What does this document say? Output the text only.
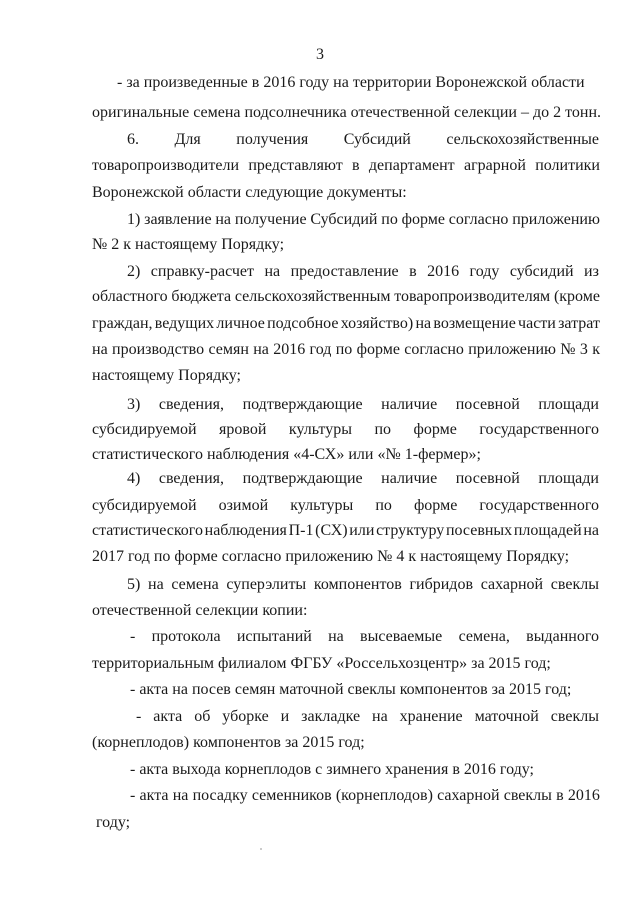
3
- за произведенные в 2016 году на территории Воронежской области
оригинальные семена подсолнечника отечественной селекции – до 2 тонн.
6. Для получения Субсидий сельскохозяйственные
товаропроизводители представляют в департамент аграрной политики
Воронежской области следующие документы:
1) заявление на получение Субсидий по форме согласно приложению
№ 2 к настоящему Порядку;
2) справку-расчет на предоставление в 2016 году субсидий из
областного бюджета сельскохозяйственным товаропроизводителям (кроме
граждан, ведущих личное подсобное хозяйство) на возмещение части затрат
на производство семян на 2016 год по форме согласно приложению № 3 к
настоящему Порядку;
3) сведения, подтверждающие наличие посевной площади
субсидируемой яровой культуры по форме государственного
статистического наблюдения «4-СХ» или «№ 1-фермер»;
4) сведения, подтверждающие наличие посевной площади
субсидируемой озимой культуры по форме государственного
статистического наблюдения П-1 (СХ) или структуру посевных площадей на
2017 год по форме согласно приложению № 4 к настоящему Порядку;
5) на семена суперэлиты компонентов гибридов сахарной свеклы
отечественной селекции копии:
- протокола испытаний на высеваемые семена, выданного
территориальным филиалом ФГБУ «Россельхозцентр» за 2015 год;
- акта на посев семян маточной свеклы компонентов за 2015 год;
- акта об уборке и закладке на хранение маточной свеклы
(корнеплодов) компонентов за 2015 год;
- акта выхода корнеплодов с зимнего хранения в 2016 году;
- акта на посадку семенников (корнеплодов) сахарной свеклы в 2016
году;
